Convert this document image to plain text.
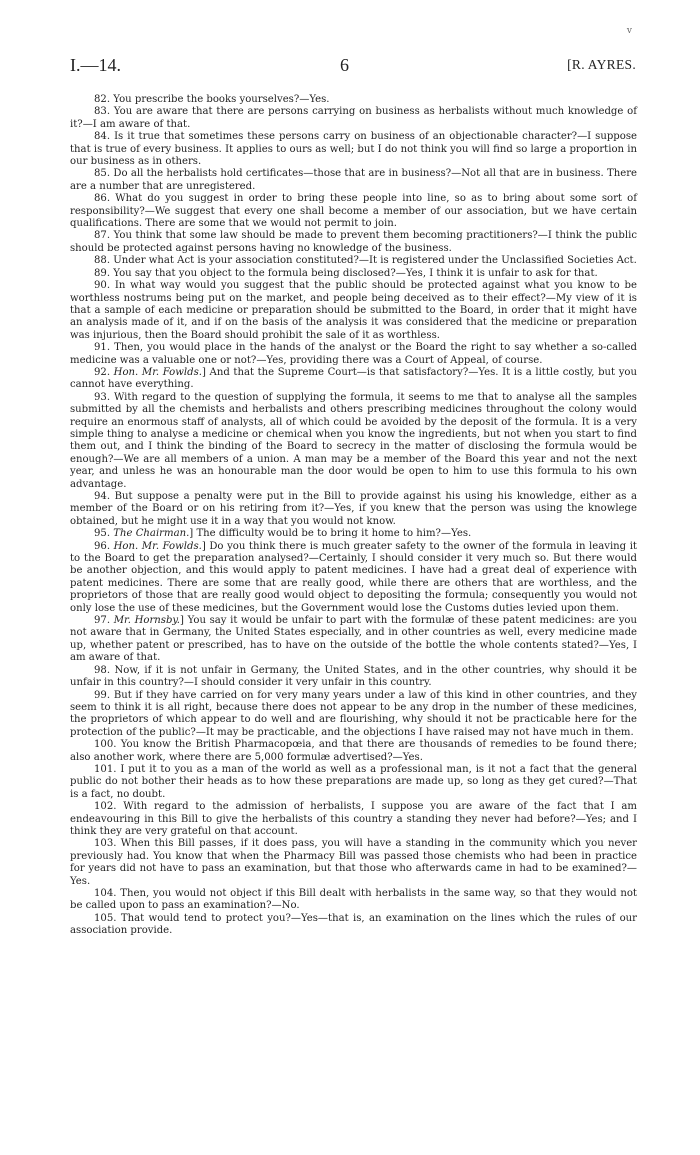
v
I.—14.	6	[R. AYRES.

82. You prescribe the books yourselves?—Yes.

83. You are aware that there are persons carrying on business as herbalists without much knowledge of it?—I am aware of that.

84. Is it true that sometimes these persons carry on business of an objectionable character?—I suppose that is true of every business. It applies to ours as well; but I do not think you will find so large a proportion in our business as in others.

85. Do all the herbalists hold certificates—those that are in business?—Not all that are in business. There are a number that are unregistered.

86. What do you suggest in order to bring these people into line, so as to bring about some sort of responsibility?—We suggest that every one shall become a member of our association, but we have certain qualifications. There are some that we would not permit to join.

87. You think that some law should be made to prevent them becoming practitioners?—I think the public should be protected against persons having no knowledge of the business.

88. Under what Act is your association constituted?—It is registered under the Unclassified Societies Act.

89. You say that you object to the formula being disclosed?—Yes, I think it is unfair to ask for that.

90. In what way would you suggest that the public should be protected against what you know to be worthless nostrums being put on the market, and people being deceived as to their effect?—My view of it is that a sample of each medicine or preparation should be submitted to the Board, in order that it might have an analysis made of it, and if on the basis of the analysis it was considered that the medicine or preparation was injurious, then the Board should prohibit the sale of it as worthless.

91. Then, you would place in the hands of the analyst or the Board the right to say whether a so-called medicine was a valuable one or not?—Yes, providing there was a Court of Appeal, of course.

92. Hon. Mr. Fowlds.] And that the Supreme Court—is that satisfactory?—Yes. It is a little costly, but you cannot have everything.

93. With regard to the question of supplying the formula, it seems to me that to analyse all the samples submitted by all the chemists and herbalists and others prescribing medicines throughout the colony would require an enormous staff of analysts, all of which could be avoided by the deposit of the formula. It is a very simple thing to analyse a medicine or chemical when you know the ingredients, but not when you start to find them out, and I think the binding of the Board to secrecy in the matter of disclosing the formula would be enough?—We are all members of a union. A man may be a member of the Board this year and not the next year, and unless he was an honourable man the door would be open to him to use this formula to his own advantage.

94. But suppose a penalty were put in the Bill to provide against his using his knowledge, either as a member of the Board or on his retiring from it?—Yes, if you knew that the person was using the knowlege obtained, but he might use it in a way that you would not know.

95. The Chairman.] The difficulty would be to bring it home to him?—Yes.

96. Hon. Mr. Fowlds.] Do you think there is much greater safety to the owner of the formula in leaving it to the Board to get the preparation analysed?—Certainly, I should consider it very much so. But there would be another objection, and this would apply to patent medicines. I have had a great deal of experience with patent medicines. There are some that are really good, while there are others that are worthless, and the proprietors of those that are really good would object to depositing the formula; consequently you would not only lose the use of these medicines, but the Government would lose the Customs duties levied upon them.

97. Mr. Hornsby.] You say it would be unfair to part with the formulæ of these patent medicines: are you not aware that in Germany, the United States especially, and in other countries as well, every medicine made up, whether patent or prescribed, has to have on the outside of the bottle the whole contents stated?—Yes, I am aware of that.

98. Now, if it is not unfair in Germany, the United States, and in the other countries, why should it be unfair in this country?—I should consider it very unfair in this country.

99. But if they have carried on for very many years under a law of this kind in other countries, and they seem to think it is all right, because there does not appear to be any drop in the number of these medicines, the proprietors of which appear to do well and are flourishing, why should it not be practicable here for the protection of the public?—It may be practicable, and the objections I have raised may not have much in them.

100. You know the British Pharmacopœia, and that there are thousands of remedies to be found there; also another work, where there are 5,000 formulæ advertised?—Yes.

101. I put it to you as a man of the world as well as a professional man, is it not a fact that the general public do not bother their heads as to how these preparations are made up, so long as they get cured?—That is a fact, no doubt.

102. With regard to the admission of herbalists, I suppose you are aware of the fact that I am endeavouring in this Bill to give the herbalists of this country a standing they never had before?—Yes; and I think they are very grateful on that account.

103. When this Bill passes, if it does pass, you will have a standing in the community which you never previously had. You know that when the Pharmacy Bill was passed those chemists who had been in practice for years did not have to pass an examination, but that those who afterwards came in had to be examined?—Yes.

104. Then, you would not object if this Bill dealt with herbalists in the same way, so that they would not be called upon to pass an examination?—No.

105. That would tend to protect you?—Yes—that is, an examination on the lines which the rules of our association provide.
